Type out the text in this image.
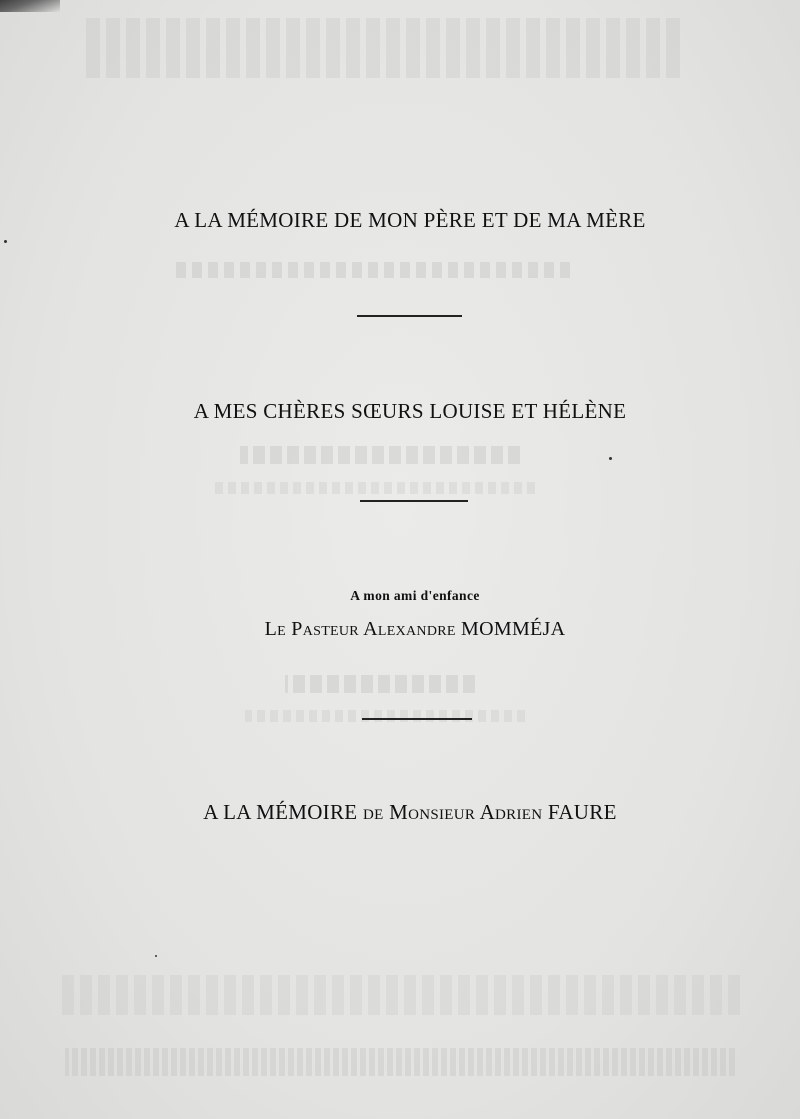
A LA MÉMOIRE DE MON PÈRE ET DE MA MÈRE
A MES CHÈRES SŒURS LOUISE ET HÉLÈNE
A mon ami d'enfance
Le Pasteur Alexandre MOMMÉJA
A LA MÉMOIRE de Monsieur Adrien FAURE
